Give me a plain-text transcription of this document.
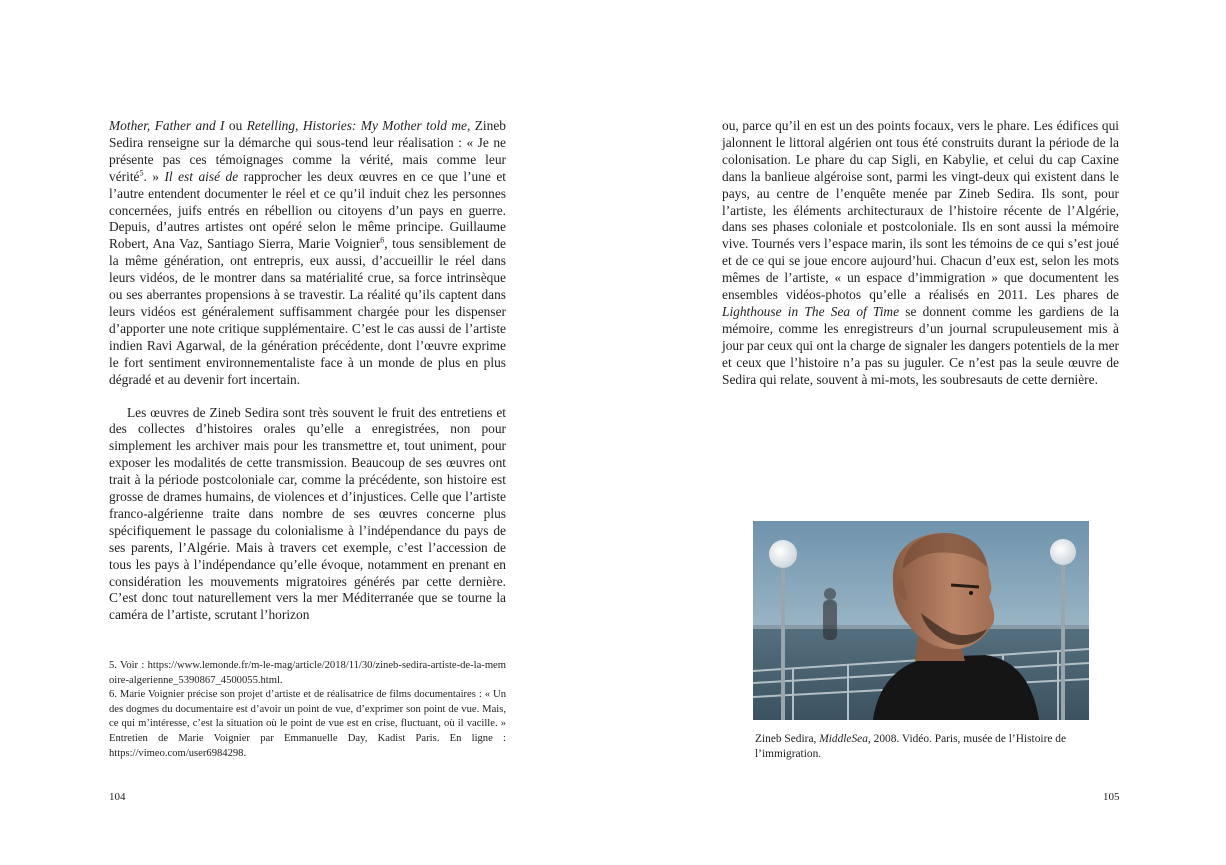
Mother, Father and I ou Retelling, Histories: My Mother told me, Zineb Sedira renseigne sur la démarche qui sous-tend leur réalisation : « Je ne présente pas ces témoignages comme la vérité, mais comme leur vérité$^5$. » Il est aisé de rapprocher les deux œuvres en ce que l’une et l’autre entendent documenter le réel et ce qu’il induit chez les personnes concernées, juifs entrés en rébellion ou citoyens d’un pays en guerre. Depuis, d’autres artistes ont opéré selon le même principe. Guillaume Robert, Ana Vaz, Santiago Sierra, Marie Voignier$^6$, tous sensiblement de la même génération, ont entrepris, eux aussi, d’accueillir le réel dans leurs vidéos, de le montrer dans sa matérialité crue, sa force intrinsèque ou ses aberrantes propensions à se travestir. La réalité qu’ils captent dans leurs vidéos est généralement suffisamment chargée pour les dispenser d’apporter une note critique supplémentaire. C’est le cas aussi de l’artiste indien Ravi Agarwal, de la génération précédente, dont l’œuvre exprime le fort sentiment environnementaliste face à un monde de plus en plus dégradé et au devenir fort incertain.

Les œuvres de Zineb Sedira sont très souvent le fruit des entretiens et des collectes d’histoires orales qu’elle a enregistrées, non pour simplement les archiver mais pour les transmettre et, tout uniment, pour exposer les modalités de cette transmission. Beaucoup de ses œuvres ont trait à la période postcoloniale car, comme la précédente, son histoire est grosse de drames humains, de violences et d’injustices. Celle que l’artiste franco-algérienne traite dans nombre de ses œuvres concerne plus spécifiquement le passage du colonialisme à l’indépendance du pays de ses parents, l’Algérie. Mais à travers cet exemple, c’est l’accession de tous les pays à l’indépendance qu’elle évoque, notamment en prenant en considération les mouvements migratoires générés par cette dernière. C’est donc tout naturellement vers la mer Méditerranée que se tourne la caméra de l’artiste, scrutant l’horizon

5. Voir : https://www.lemonde.fr/m-le-mag/article/2018/11/30/zineb-sedira-artiste-de-la-memoire-algerienne_5390867_4500055.html.

6. Marie Voignier précise son projet d’artiste et de réalisatrice de films documentaires : « Un des dogmes du documentaire est d’avoir un point de vue, d’exprimer son point de vue. Mais, ce qui m’intéresse, c’est la situation où le point de vue est en crise, fluctuant, où il vacille. » Entretien de Marie Voignier par Emmanuelle Day, Kadist Paris. En ligne : https://vimeo.com/user6984298.

104

ou, parce qu’il en est un des points focaux, vers le phare. Les édifices qui jalonnent le littoral algérien ont tous été construits durant la période de la colonisation. Le phare du cap Sigli, en Kabylie, et celui du cap Caxine dans la banlieue algéroise sont, parmi les vingt-deux qui existent dans le pays, au centre de l’enquête menée par Zineb Sedira. Ils sont, pour l’artiste, les éléments architecturaux de l’histoire récente de l’Algérie, dans ses phases coloniale et postcoloniale. Ils en sont aussi la mémoire vive. Tournés vers l’espace marin, ils sont les témoins de ce qui s’est joué et de ce qui se joue encore aujourd’hui. Chacun d’eux est, selon les mots mêmes de l’artiste, « un espace d’immigration » que documentent les ensembles vidéos-photos qu’elle a réalisés en 2011. Les phares de Lighthouse in The Sea of Time se donnent comme les gardiens de la mémoire, comme les enregistreurs d’un journal scrupuleusement mis à jour par ceux qui ont la charge de signaler les dangers potentiels de la mer et ceux que l’histoire n’a pas su juguler. Ce n’est pas la seule œuvre de Sedira qui relate, souvent à mi-mots, les soubresauts de cette dernière.

Zineb Sedira, MiddleSea, 2008. Vidéo. Paris, musée de l’Histoire de l’immigration.
105
